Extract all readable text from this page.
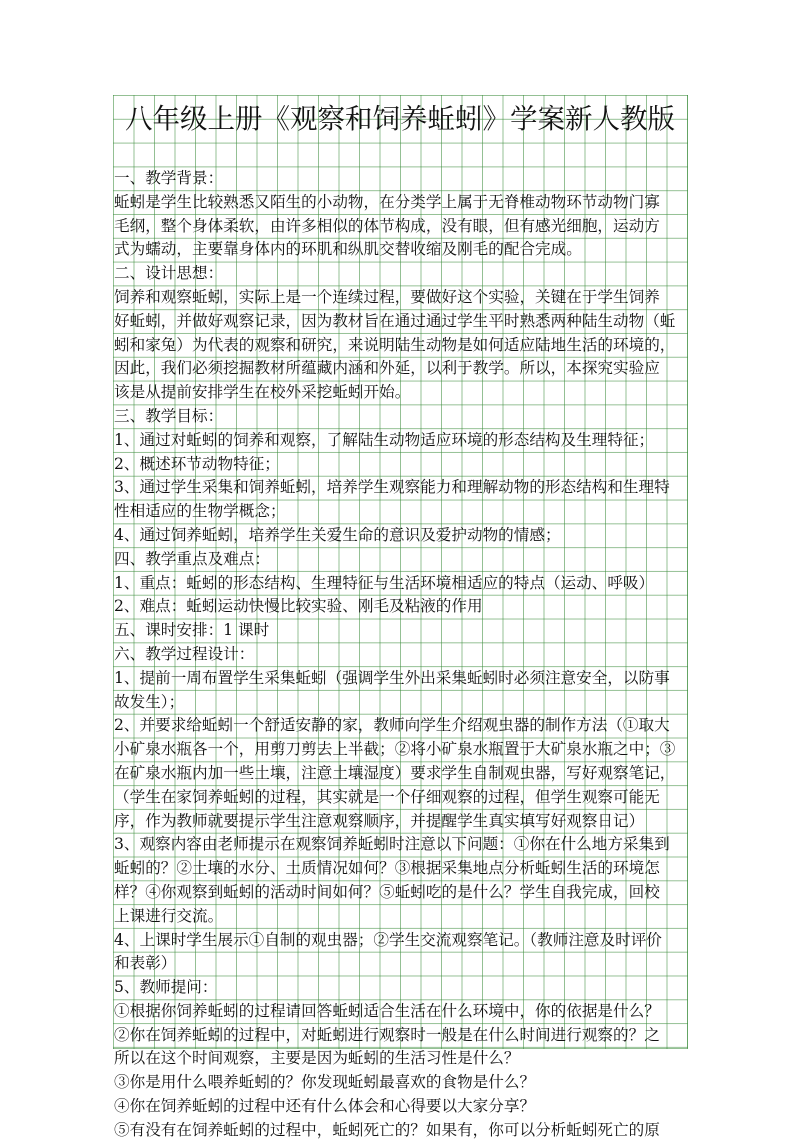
八年级上册《观察和饲养蚯蚓》学案新人教版
一、教学背景：
蚯蚓是学生比较熟悉又陌生的小动物，在分类学上属于无脊椎动物环节动物门寡
毛纲，整个身体柔软，由许多相似的体节构成，没有眼，但有感光细胞，运动方
式为蠕动，主要靠身体内的环肌和纵肌交替收缩及刚毛的配合完成。
二、设计思想：
饲养和观察蚯蚓，实际上是一个连续过程，要做好这个实验，关键在于学生饲养
好蚯蚓，并做好观察记录，因为教材旨在通过通过学生平时熟悉两种陆生动物（蚯
蚓和家兔）为代表的观察和研究，来说明陆生动物是如何适应陆地生活的环境的，
因此，我们必须挖掘教材所蕴藏内涵和外延，以利于教学。所以，本探究实验应
该是从提前安排学生在校外采挖蚯蚓开始。
三、教学目标：
1、通过对蚯蚓的饲养和观察，了解陆生动物适应环境的形态结构及生理特征；
2、概述环节动物特征；
3、通过学生采集和饲养蚯蚓，培养学生观察能力和理解动物的形态结构和生理特
性相适应的生物学概念；
4、通过饲养蚯蚓，培养学生关爱生命的意识及爱护动物的情感；
四、教学重点及难点：
1、重点：蚯蚓的形态结构、生理特征与生活环境相适应的特点（运动、呼吸）
2、难点：蚯蚓运动快慢比较实验、刚毛及粘液的作用
五、课时安排：1 课时
六、教学过程设计：
1、提前一周布置学生采集蚯蚓（强调学生外出采集蚯蚓时必须注意安全，以防事
故发生）；
2、并要求给蚯蚓一个舒适安静的家，教师向学生介绍观虫器的制作方法（①取大
小矿泉水瓶各一个，用剪刀剪去上半截；②将小矿泉水瓶置于大矿泉水瓶之中；③
在矿泉水瓶内加一些土壤，注意土壤湿度）要求学生自制观虫器，写好观察笔记，
（学生在家饲养蚯蚓的过程，其实就是一个仔细观察的过程，但学生观察可能无
序，作为教师就要提示学生注意观察顺序，并提醒学生真实填写好观察日记）
3、观察内容由老师提示在观察饲养蚯蚓时注意以下问题：①你在什么地方采集到
蚯蚓的？②土壤的水分、土质情况如何？③根据采集地点分析蚯蚓生活的环境怎
样？④你观察到蚯蚓的活动时间如何？⑤蚯蚓吃的是什么？学生自我完成，回校
上课进行交流。
4、上课时学生展示①自制的观虫器；②学生交流观察笔记。（教师注意及时评价
和表彰）
5、教师提问：
①根据你饲养蚯蚓的过程请回答蚯蚓适合生活在什么环境中，你的依据是什么？
②你在饲养蚯蚓的过程中，对蚯蚓进行观察时一般是在什么时间进行观察的？之
所以在这个时间观察，主要是因为蚯蚓的生活习性是什么？
③你是用什么喂养蚯蚓的？你发现蚯蚓最喜欢的食物是什么？
④你在饲养蚯蚓的过程中还有什么体会和心得要以大家分享？
⑤有没有在饲养蚯蚓的过程中，蚯蚓死亡的？如果有，你可以分析蚯蚓死亡的原
